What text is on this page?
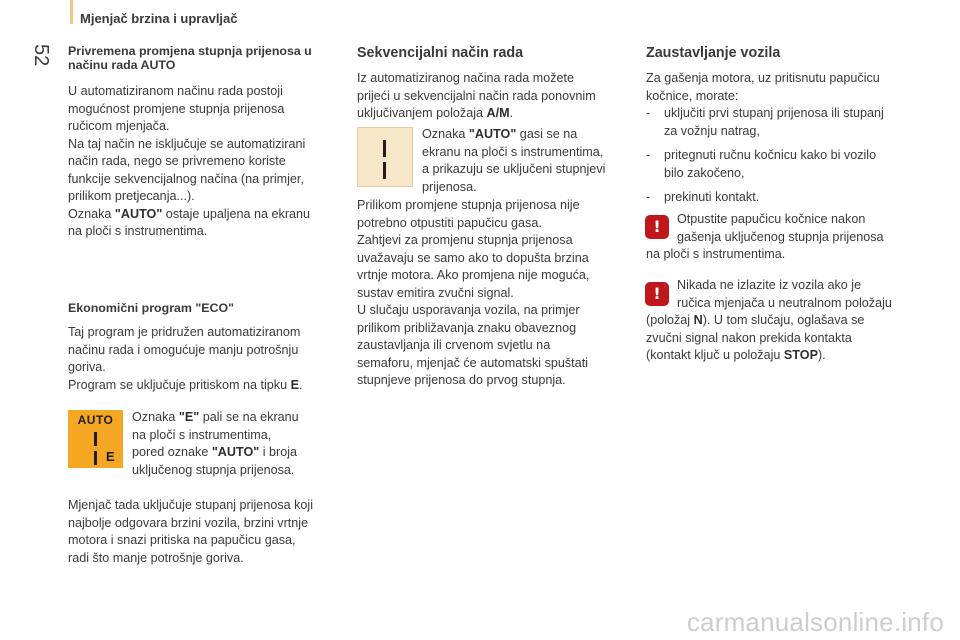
Mjenjač brzina i upravljač
52 Privremena promjena stupnja prijenosa u
načinu rada AUTO

U automatiziranom načinu rada postoji
mogućnost promjene stupnja prijenosa
ručicom mjenjača.
Na taj način ne isključuje se automatizirani
način rada, nego se privremeno koriste
funkcije sekvencijalnog načina (na primjer,
prilikom pretjecanja...).
Oznaka "AUTO" ostaje upaljena na ekranu
na ploči s instrumentima.

Ekonomični program "ECO"

Taj program je pridružen automatiziranom
načinu rada i omogućuje manju potrošnju
goriva.
Program se uključuje pritiskom na tipku E.

AUTO
E

Oznaka "E" pali se na ekranu
na ploči s instrumentima,
pored oznake "AUTO" i broja
uključenog stupnja prijenosa.

Mjenjač tada uključuje stupanj prijenosa koji
najbolje odgovara brzini vozila, brzini vrtnje
motora i snazi pritiska na papučicu gasa,
radi što manje potrošnje goriva.

Sekvencijalni način rada

Iz automatiziranog načina rada možete
prijeći u sekvencijalni način rada ponovnim
uključivanjem položaja A/M.

Oznaka "AUTO" gasi se na
ekranu na ploči s instrumentima,
a prikazuju se uključeni stupnjevi
prijenosa.

Prilikom promjene stupnja prijenosa nije
potrebno otpustiti papučicu gasa.
Zahtjevi za promjenu stupnja prijenosa
uvažavaju se samo ako to dopušta brzina
vrtnje motora. Ako promjena nije moguća,
sustav emitira zvučni signal.
U slučaju usporavanja vozila, na primjer
prilikom približavanja znaku obaveznog
zaustavljanja ili crvenom svjetlu na
semaforu, mjenjač će automatski spuštati
stupnjeve prijenosa do prvog stupnja.

Zaustavljanje vozila

Za gašenja motora, uz pritisnutu papučicu
kočnice, morate:

- uključiti prvi stupanj prijenosa ili stupanj
za vožnju natrag,
- pritegnuti ručnu kočnicu kako bi vozilo
bilo zakočeno,
- prekinuti kontakt.
!	Otpustite papučicu kočnice nakon
gašenja uključenog stupnja prijenosa
na ploči s instrumentima.

!	Nikada ne izlazite iz vozila ako je
ručica mjenjača u neutralnom položaju
(položaj N). U tom slučaju, oglašava se
zvučni signal nakon prekida kontakta
(kontakt ključ u položaju STOP).

carmanualsonline.info
